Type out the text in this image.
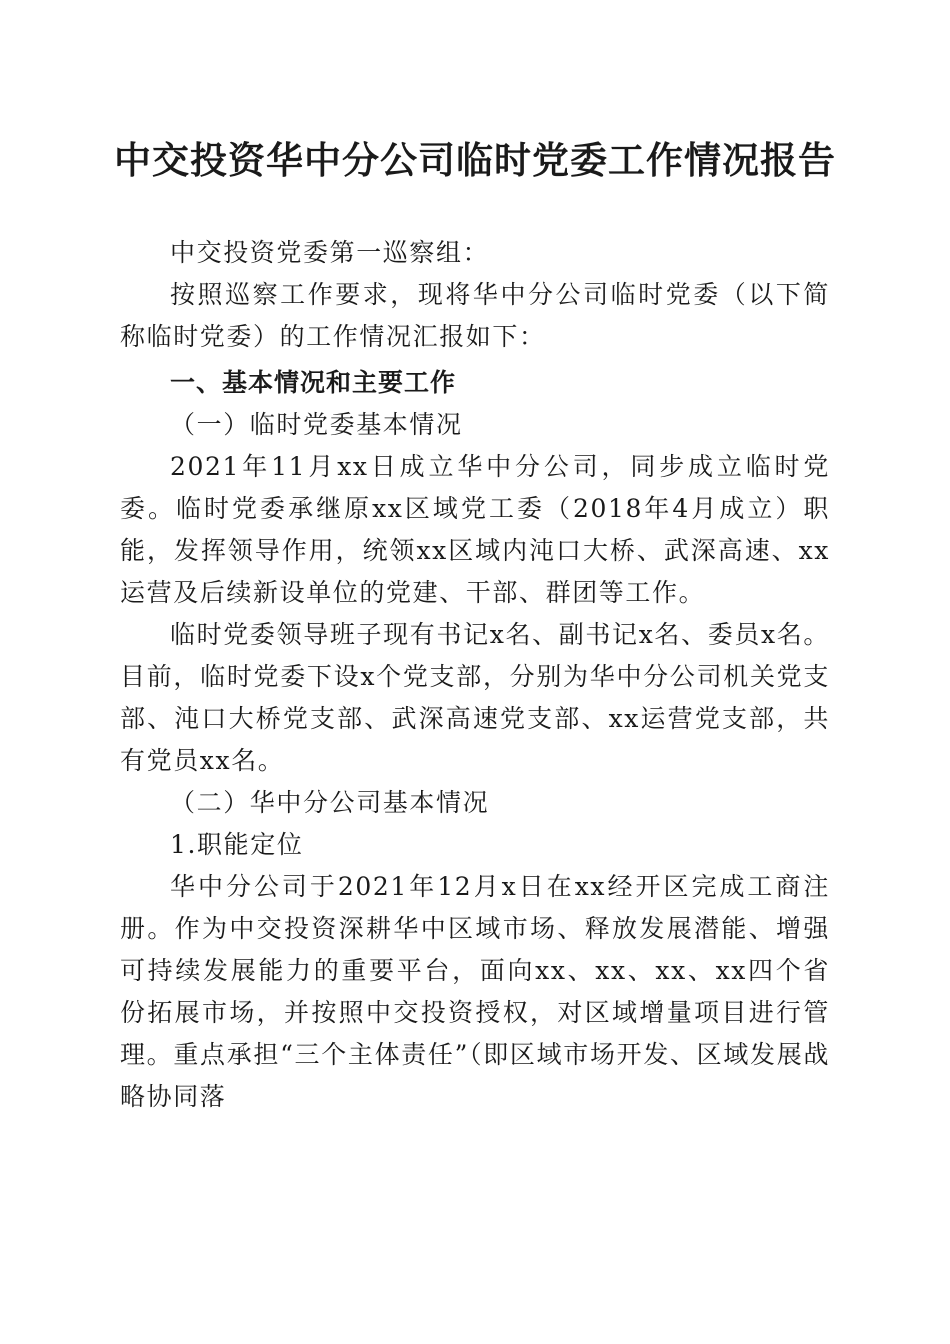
中交投资华中分公司临时党委工作情况报告

中交投资党委第一巡察组：

按照巡察工作要求，现将华中分公司临时党委（以下简称临时党委）的工作情况汇报如下：

一、基本情况和主要工作

（一）临时党委基本情况

2021年11月xx日成立华中分公司，同步成立临时党委。临时党委承继原xx区域党工委（2018年4月成立）职能，发挥领导作用，统领xx区域内沌口大桥、武深高速、xx运营及后续新设单位的党建、干部、群团等工作。

临时党委领导班子现有书记x名、副书记x名、委员x名。目前，临时党委下设x个党支部，分别为华中分公司机关党支部、沌口大桥党支部、武深高速党支部、xx运营党支部，共有党员xx名。

（二）华中分公司基本情况

1.职能定位

华中分公司于2021年12月x日在xx经开区完成工商注册。作为中交投资深耕华中区域市场、释放发展潜能、增强可持续发展能力的重要平台，面向xx、xx、xx、xx四个省份拓展市场，并按照中交投资授权，对区域增量项目进行管理。重点承担“三个主体责任”（即区域市场开发、区域发展战略协同落
